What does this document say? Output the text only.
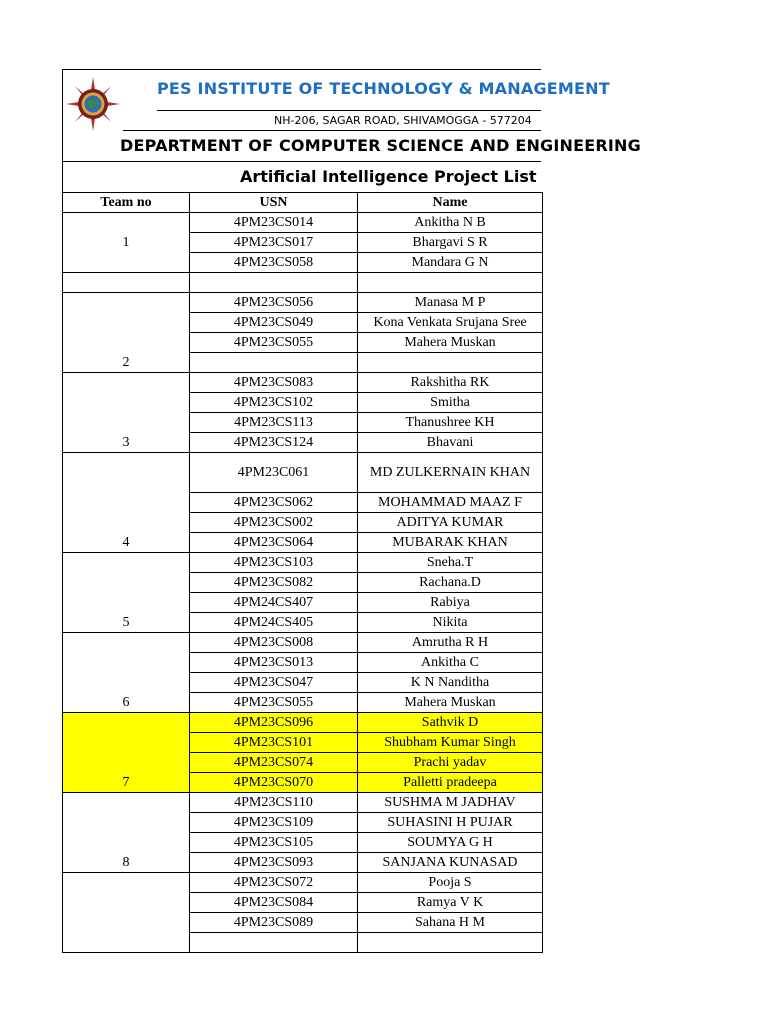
PES INSTITUTE OF TECHNOLOGY & MANAGEMENT
NH-206, SAGAR ROAD, SHIVAMOGGA - 577204
DEPARTMENT OF COMPUTER SCIENCE AND ENGINEERING
Artificial Intelligence Project List
Team no	USN	Name
1	4PM23CS014	Ankitha N B
	4PM23CS017	Bhargavi S R
	4PM23CS058	Mandara G N

2	4PM23CS056	Manasa M P
	4PM23CS049	Kona Venkata Srujana Sree
	4PM23CS055	Mahera Muskan

3	4PM23CS083	Rakshitha RK
	4PM23CS102	Smitha
	4PM23CS113	Thanushree KH
	4PM23CS124	Bhavani
4	4PM23C061	MD ZULKERNAIN KHAN
	4PM23CS062	MOHAMMAD MAAZ F
	4PM23CS002	ADITYA KUMAR
	4PM23CS064	MUBARAK KHAN
5	4PM23CS103	Sneha.T
	4PM23CS082	Rachana.D
	4PM24CS407	Rabiya
	4PM24CS405	Nikita
6	4PM23CS008	Amrutha R H
	4PM23CS013	Ankitha C
	4PM23CS047	K N Nanditha
	4PM23CS055	Mahera Muskan
7	4PM23CS096	Sathvik D
	4PM23CS101	Shubham Kumar Singh
	4PM23CS074	Prachi yadav
	4PM23CS070	Palletti pradeepa
8	4PM23CS110	SUSHMA M JADHAV
	4PM23CS109	SUHASINI H PUJAR
	4PM23CS105	SOUMYA G H
	4PM23CS093	SANJANA KUNASAD
	4PM23CS072	Pooja S
	4PM23CS084	Ramya V K
	4PM23CS089	Sahana H M
